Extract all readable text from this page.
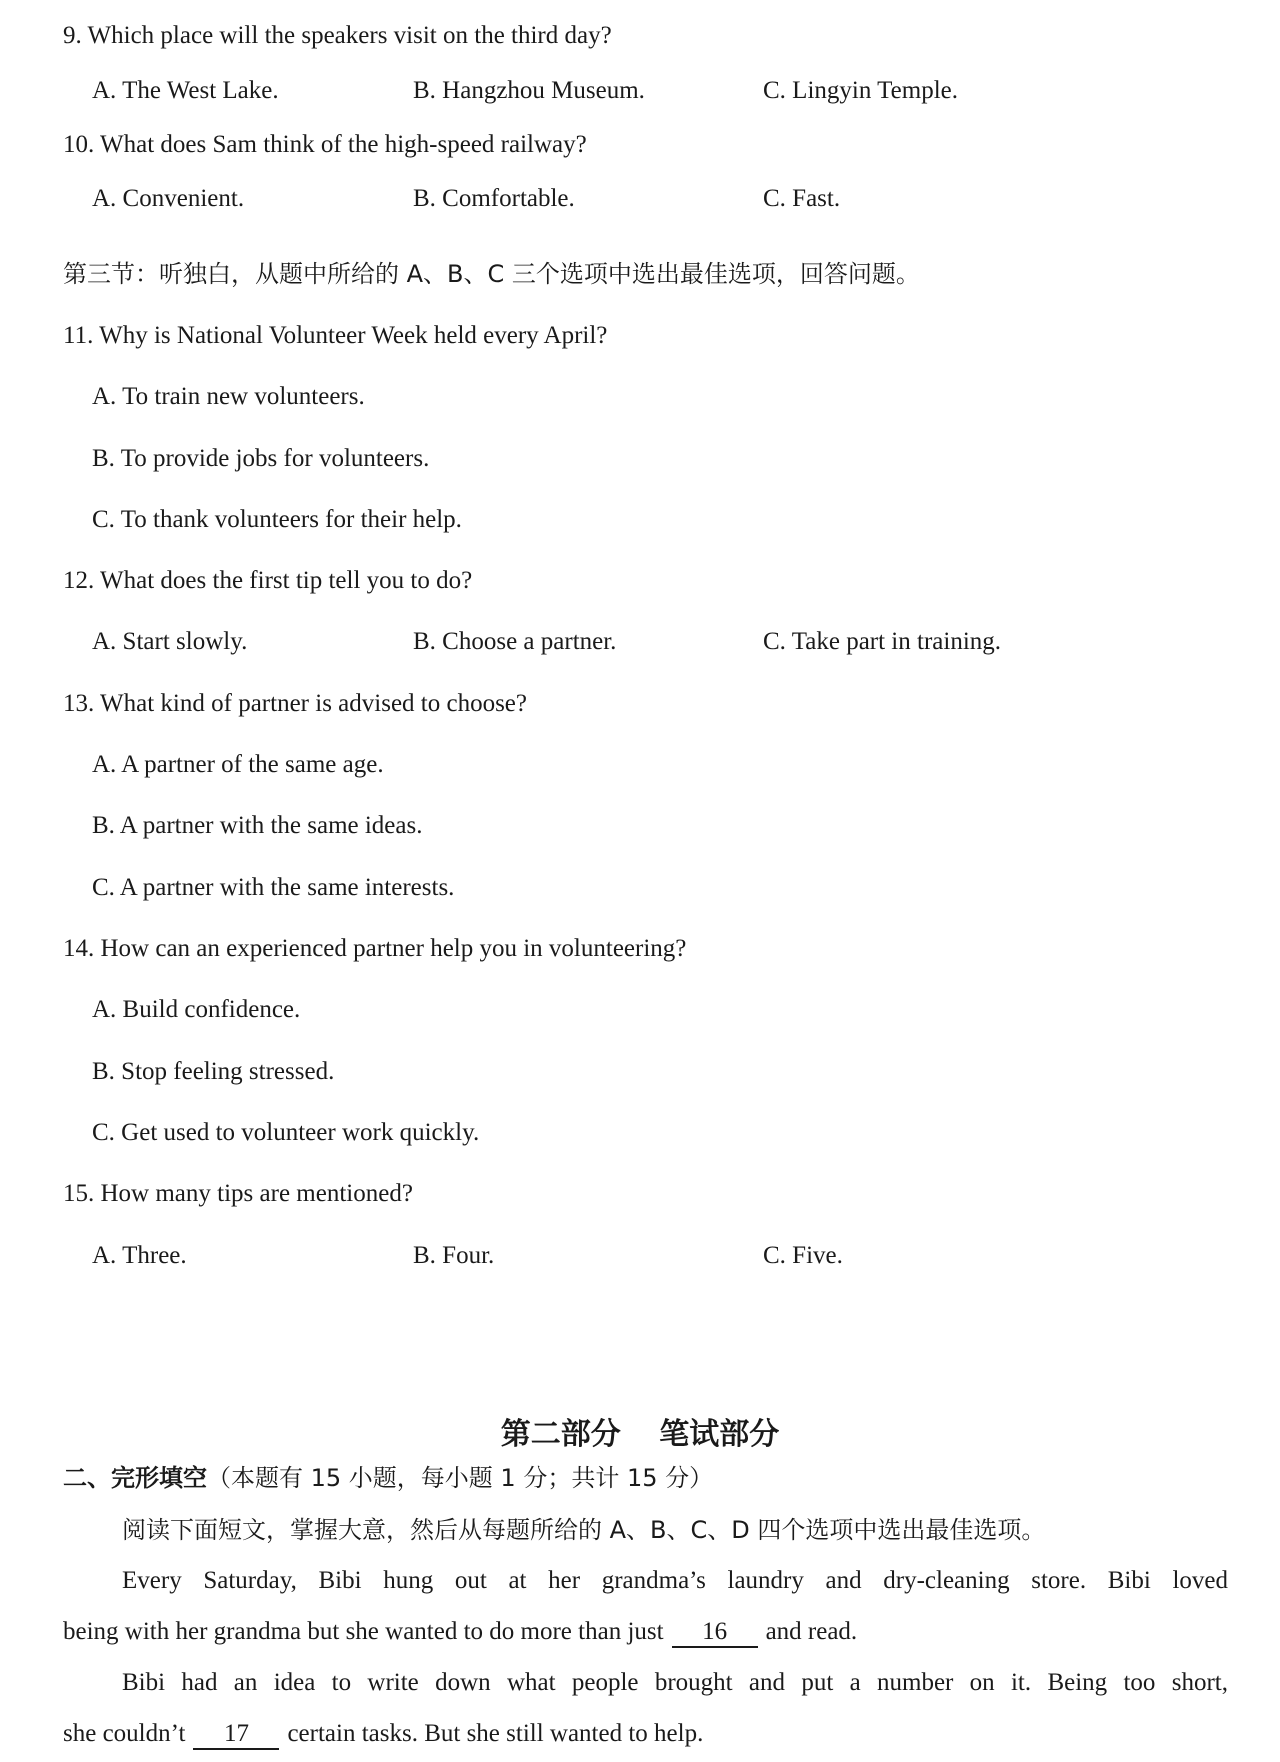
9. Which place will the speakers visit on the third day?
A. The West Lake.	B. Hangzhou Museum.	C. Lingyin Temple.
10. What does Sam think of the high-speed railway?
A. Convenient.	B. Comfortable.	C. Fast.
第三节：听独白，从题中所给的 A、B、C 三个选项中选出最佳选项，回答问题。
11. Why is National Volunteer Week held every April?
A. To train new volunteers.
B. To provide jobs for volunteers.
C. To thank volunteers for their help.
12. What does the first tip tell you to do?
A. Start slowly.	B. Choose a partner.	C. Take part in training.
13. What kind of partner is advised to choose?
A. A partner of the same age.
B. A partner with the same ideas.
C. A partner with the same interests.
14. How can an experienced partner help you in volunteering?
A. Build confidence.
B. Stop feeling stressed.
C. Get used to volunteer work quickly.
15. How many tips are mentioned?
A. Three.	B. Four.	C. Five.
第二部分 笔试部分
二、完形填空（本题有 15 小题，每小题 1 分；共计 15 分）
阅读下面短文，掌握大意，然后从每题所给的 A、B、C、D 四个选项中选出最佳选项。
Every Saturday, Bibi hung out at her grandma’s laundry and dry-cleaning store. Bibi loved
being with her grandma but she wanted to do more than just 16 and read.
Bibi had an idea to write down what people brought and put a number on it. Being too short,
she couldn’t 17 certain tasks. But she still wanted to help.
